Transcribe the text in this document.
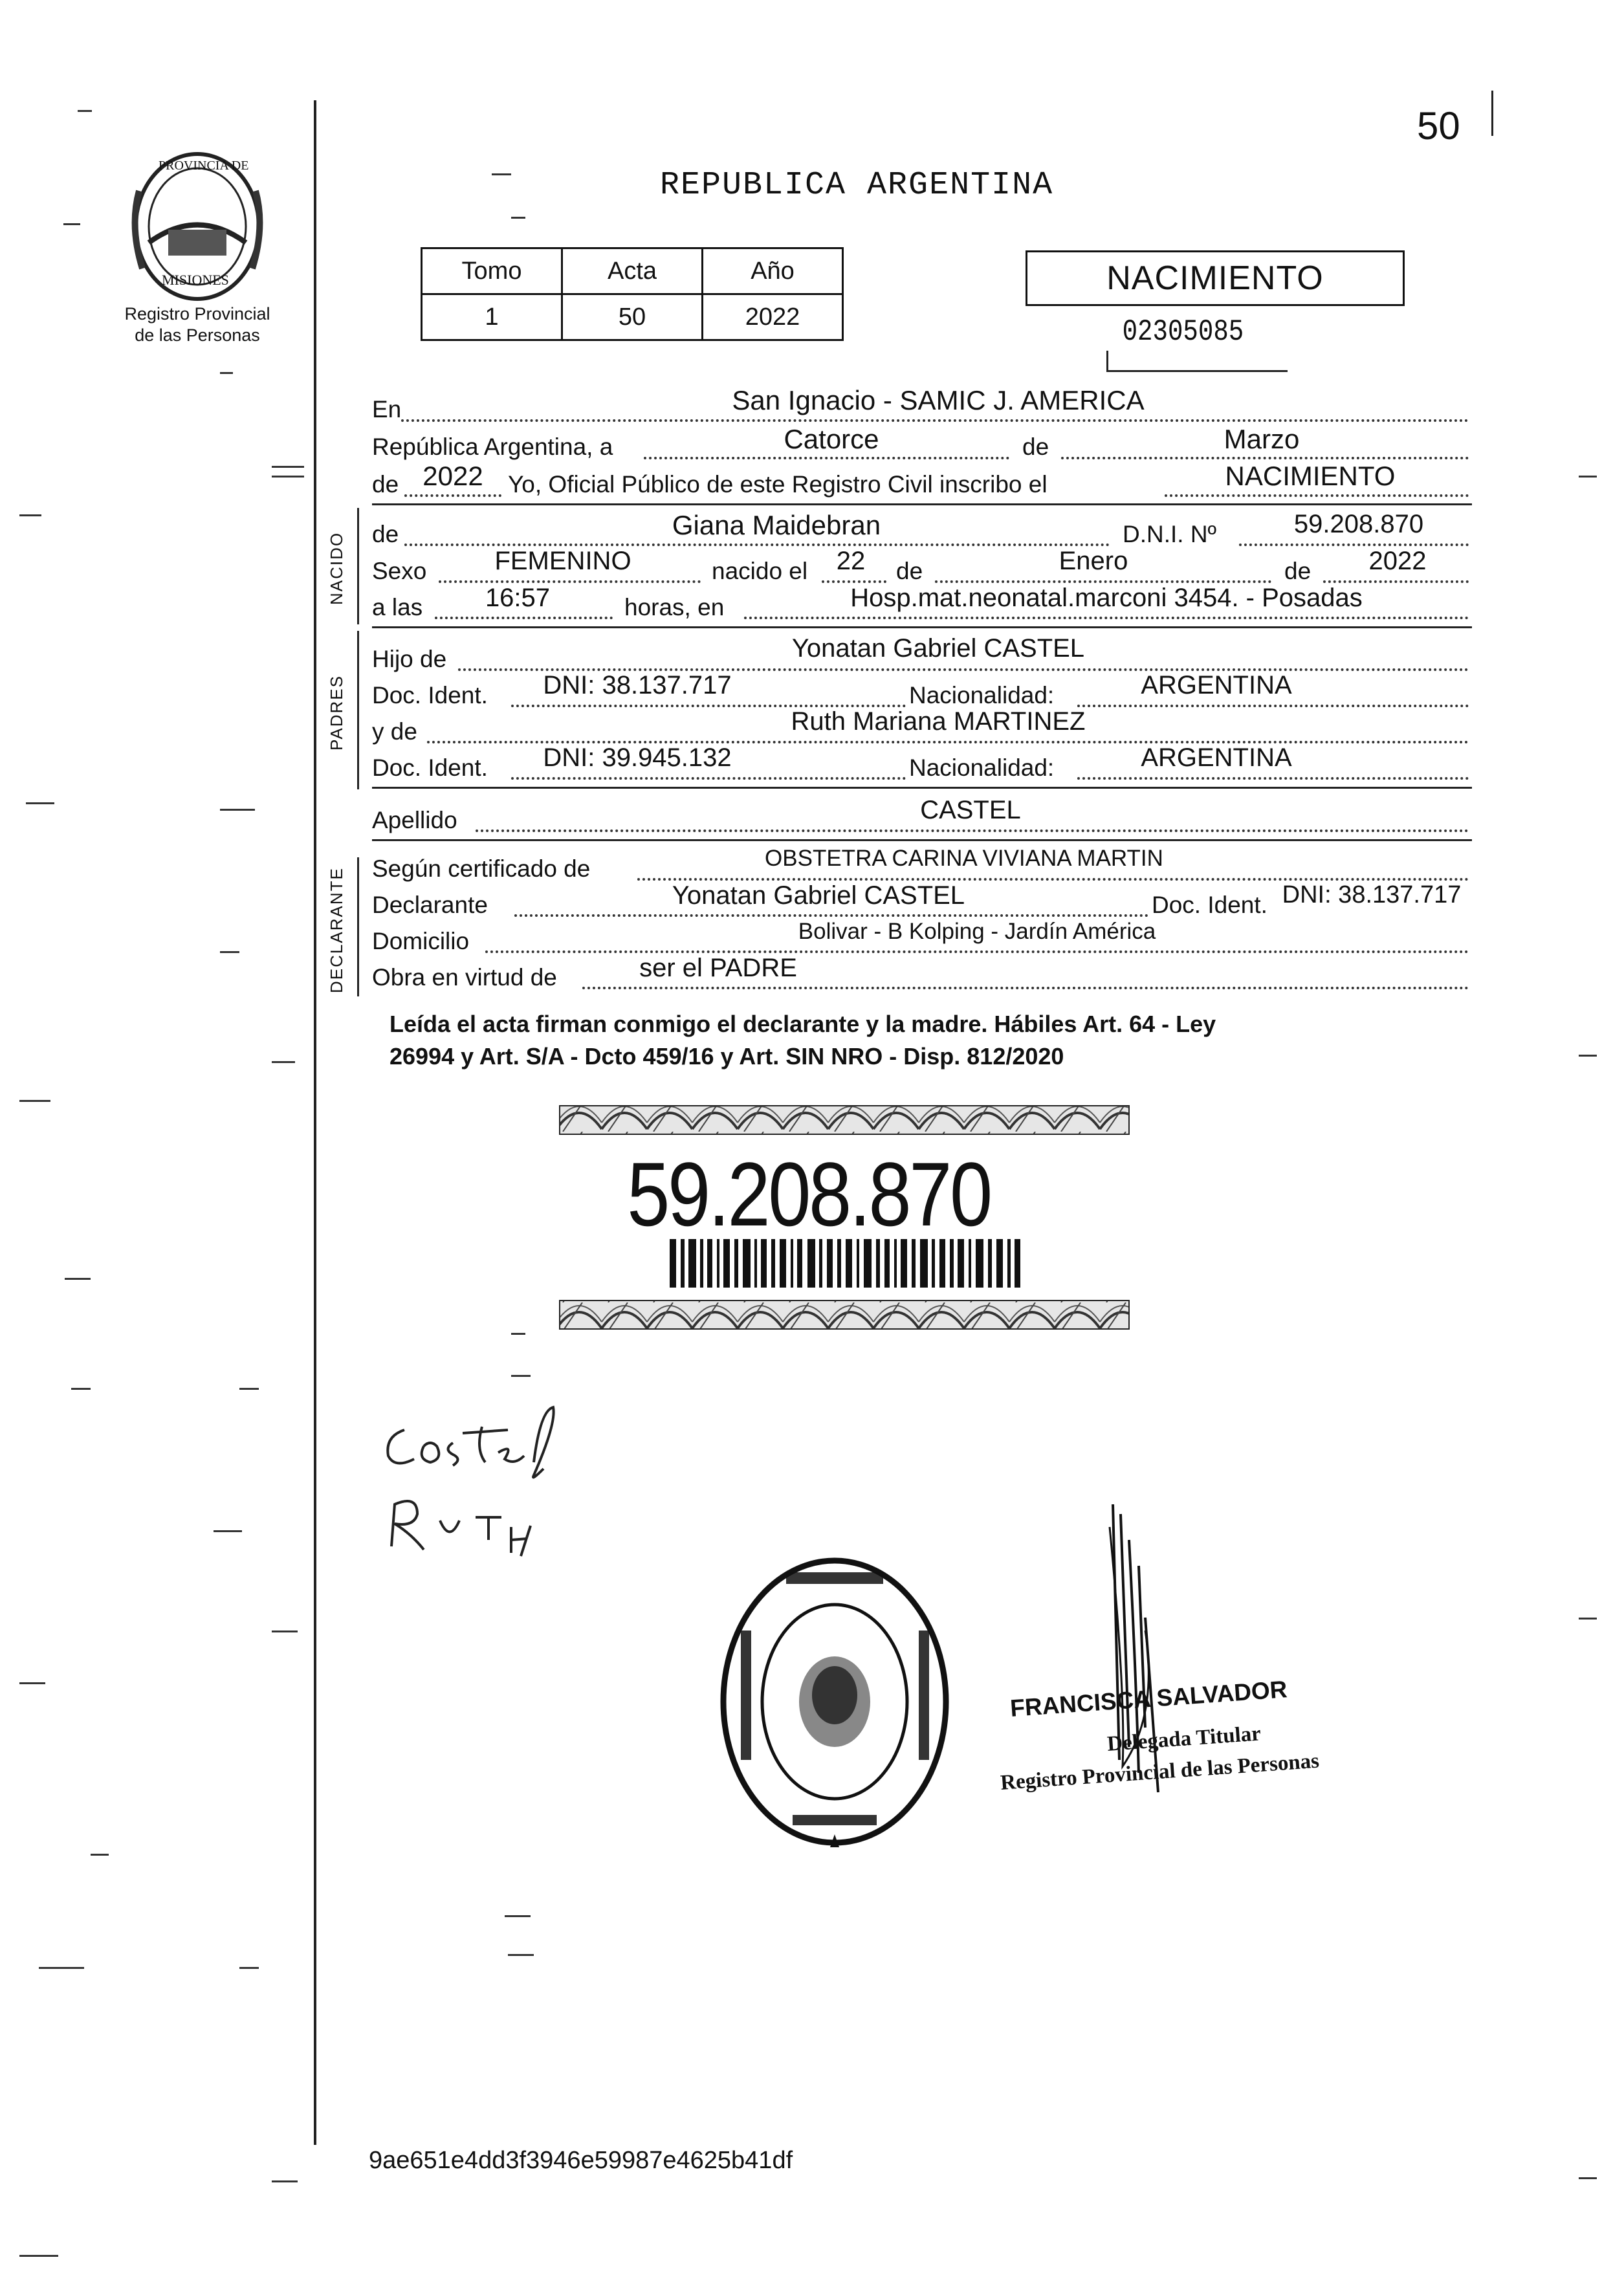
50
PROVINCIA DE
MISIONES
Registro Provincial
de las Personas
REPUBLICA ARGENTINA
Tomo	Acta	Año
1	50	2022
NACIMIENTO
02305085
En	San Ignacio - SAMIC J. AMERICA
República Argentina, a	Catorce	de	Marzo
de 2022	Yo, Oficial Público de este Registro Civil inscribo el	NACIMIENTO
NACIDO de	Giana Maidebran	D.N.I. Nº	59.208.870
Sexo	FEMENINO	nacido el	22	de	Enero	de	2022
a las	16:57	horas, en	Hosp.mat.neonatal.marconi 3454. - Posadas
PADRES
Hijo de	Yonatan Gabriel CASTEL
Doc. Ident.	DNI: 38.137.717	Nacionalidad:	ARGENTINA
y de	Ruth Mariana MARTINEZ
Doc. Ident.	DNI: 39.945.132	Nacionalidad:	ARGENTINA
Apellido	CASTEL
DECLARANTE Según certificado de	OBSTETRA CARINA VIVIANA MARTIN
Declarante	Yonatan Gabriel CASTEL	Doc. Ident. DNI: 38.137.717
Domicilio	Bolivar - B Kolping - Jardín América
Obra en virtud de	ser el PADRE
Leída el acta firman conmigo el declarante y la madre. Hábiles Art. 64 - Ley
26994 y Art. S/A - Dcto 459/16 y Art. SIN NRO - Disp. 812/2020
59.208.870
FRANCISCA SALVADOR
Delegada Titular
Registro Provincial de las Personas
9ae651e4dd3f3946e59987e4625b41df
